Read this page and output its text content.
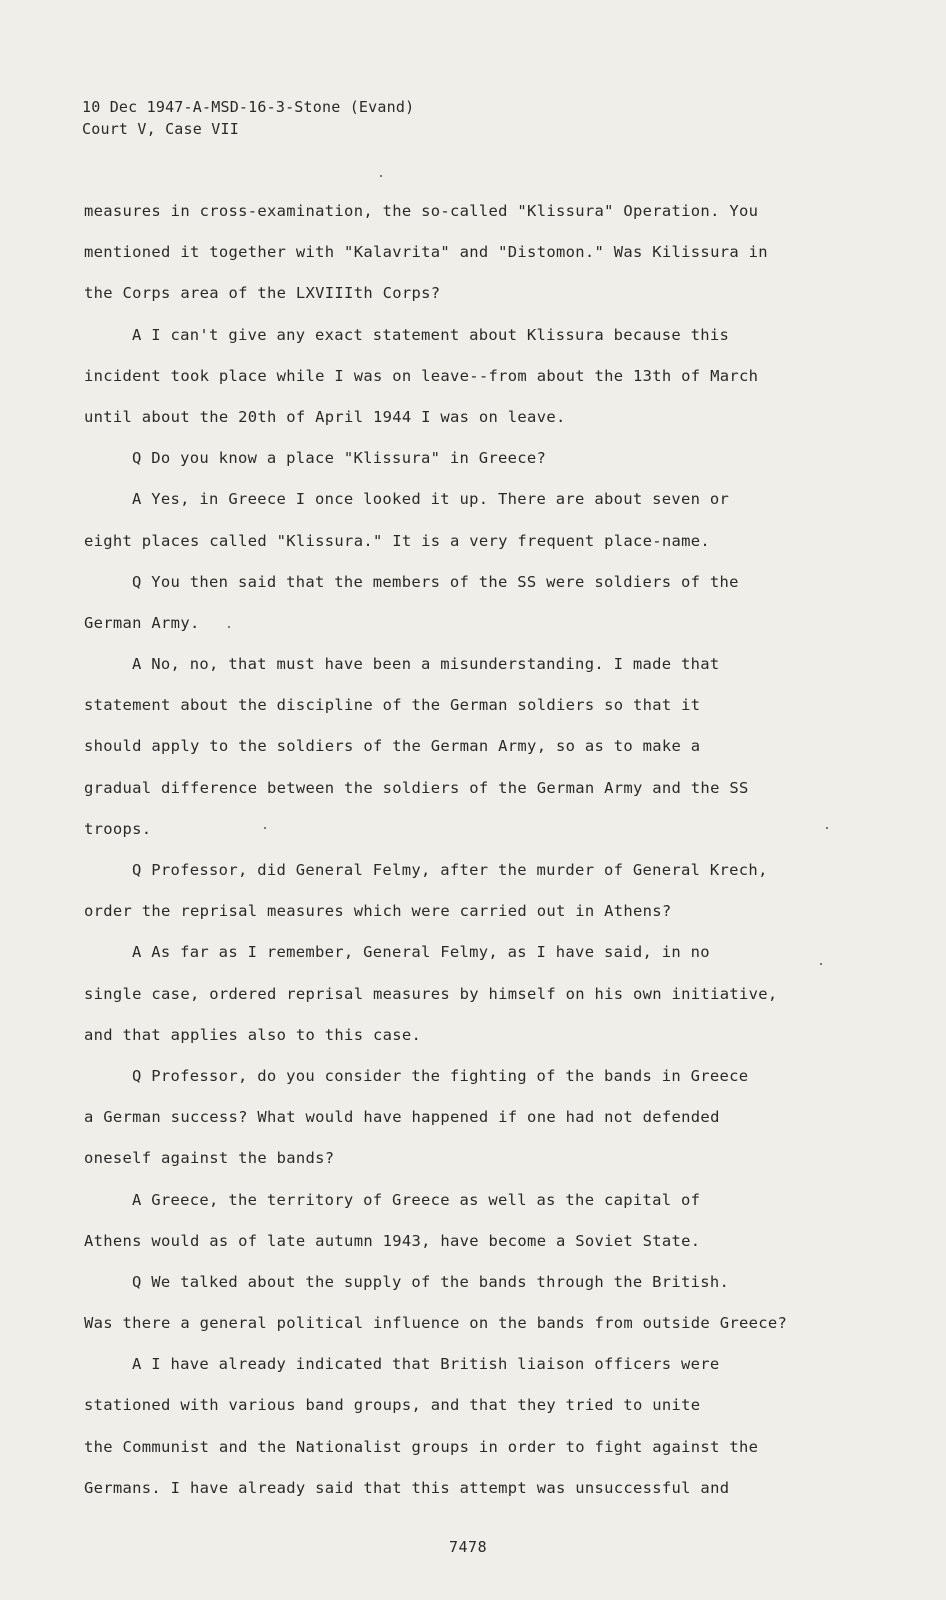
10 Dec 1947-A-MSD-16-3-Stone (Evand)
Court V, Case VII
measures in cross-examination, the so-called "Klissura" Operation. You
mentioned it together with "Kalavrita" and "Distomon." Was Kilissura in
the Corps area of the LXVIIIth Corps?
A I can't give any exact statement about Klissura because this
incident took place while I was on leave--from about the 13th of March
until about the 20th of April 1944 I was on leave.
Q Do you know a place "Klissura" in Greece?
A Yes, in Greece I once looked it up. There are about seven or
eight places called "Klissura." It is a very frequent place-name.
Q You then said that the members of the SS were soldiers of the
German Army.
A No, no, that must have been a misunderstanding. I made that
statement about the discipline of the German soldiers so that it
should apply to the soldiers of the German Army, so as to make a
gradual difference between the soldiers of the German Army and the SS
troops.
Q Professor, did General Felmy, after the murder of General Krech,
order the reprisal measures which were carried out in Athens?
A As far as I remember, General Felmy, as I have said, in no
single case, ordered reprisal measures by himself on his own initiative,
and that applies also to this case.
Q Professor, do you consider the fighting of the bands in Greece
a German success? What would have happened if one had not defended
oneself against the bands?
A Greece, the territory of Greece as well as the capital of
Athens would as of late autumn 1943, have become a Soviet State.
Q We talked about the supply of the bands through the British.
Was there a general political influence on the bands from outside Greece?
A I have already indicated that British liaison officers were
stationed with various band groups, and that they tried to unite
the Communist and the Nationalist groups in order to fight against the
Germans. I have already said that this attempt was unsuccessful and
7478
